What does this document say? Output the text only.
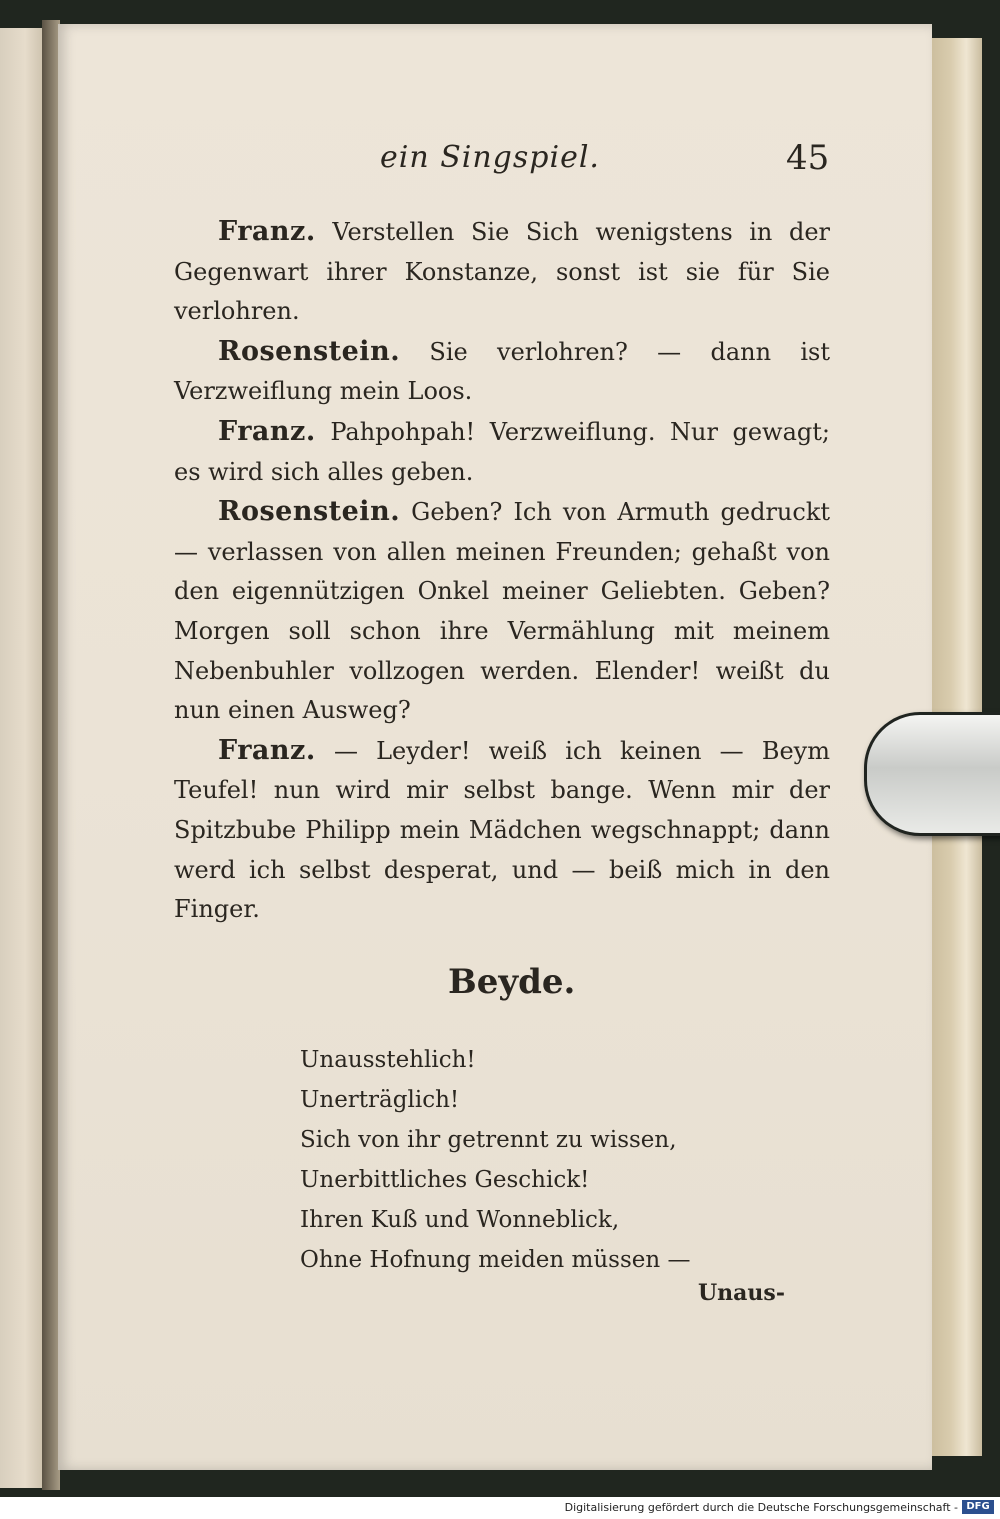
ein Singspiel.	45

Franz. Verstellen Sie Sich wenigstens in der Gegenwart ihrer Konstanze, sonst ist sie für Sie verlohren.

Rosenstein. Sie verlohren? — dann ist Verzweiflung mein Loos.

Franz. Pahpohpah! Verzweiflung. Nur gewagt; es wird sich alles geben.

Rosenstein. Geben? Ich von Armuth gedruckt — verlassen von allen meinen Freunden; gehaßt von den eigennützigen Onkel meiner Geliebten. Geben? Morgen soll schon ihre Vermählung mit meinem Nebenbuhler vollzogen werden. Elender! weißt du nun einen Ausweg?

Franz. — Leyder! weiß ich keinen — Beym Teufel! nun wird mir selbst bange. Wenn mir der Spitzbube Philipp mein Mädchen wegschnappt; dann werd ich selbst desperat, und — beiß mich in den Finger.

Beyde.
Unausstehlich!
Unerträglich!
Sich von ihr getrennt zu wissen,
Unerbittliches Geschick!
Ihren Kuß und Wonneblick,
Ohne Hofnung meiden müssen —
Unaus-
Digitalisierung gefördert durch die Deutsche Forschungsgemeinschaft - DFG
